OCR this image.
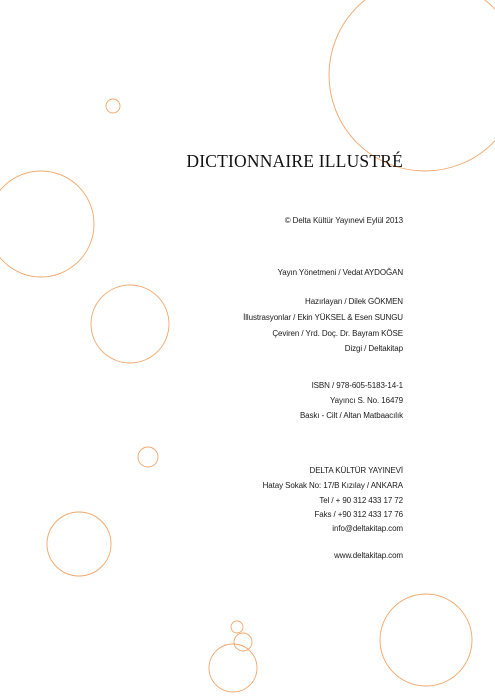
DICTIONNAIRE ILLUSTRÉ
© Delta Kültür Yayınevi Eylül 2013
Yayın Yönetmeni / Vedat AYDOĞAN
Hazırlayan / Dilek GÖKMEN
İllustrasyonlar / Ekin YÜKSEL & Esen SUNGU
Çeviren / Yrd. Doç. Dr. Bayram KÖSE
Dizgi / Deltakitap
ISBN / 978-605-5183-14-1
Yayıncı S. No. 16479
Baskı - Cilt / Altan Matbaacılık
DELTA KÜLTÜR YAYINEVİ
Hatay Sokak No: 17/B Kızılay / ANKARA
Tel / + 90 312 433 17 72
Faks / +90 312 433 17 76
info@deltakitap.com
www.deltakitap.com
